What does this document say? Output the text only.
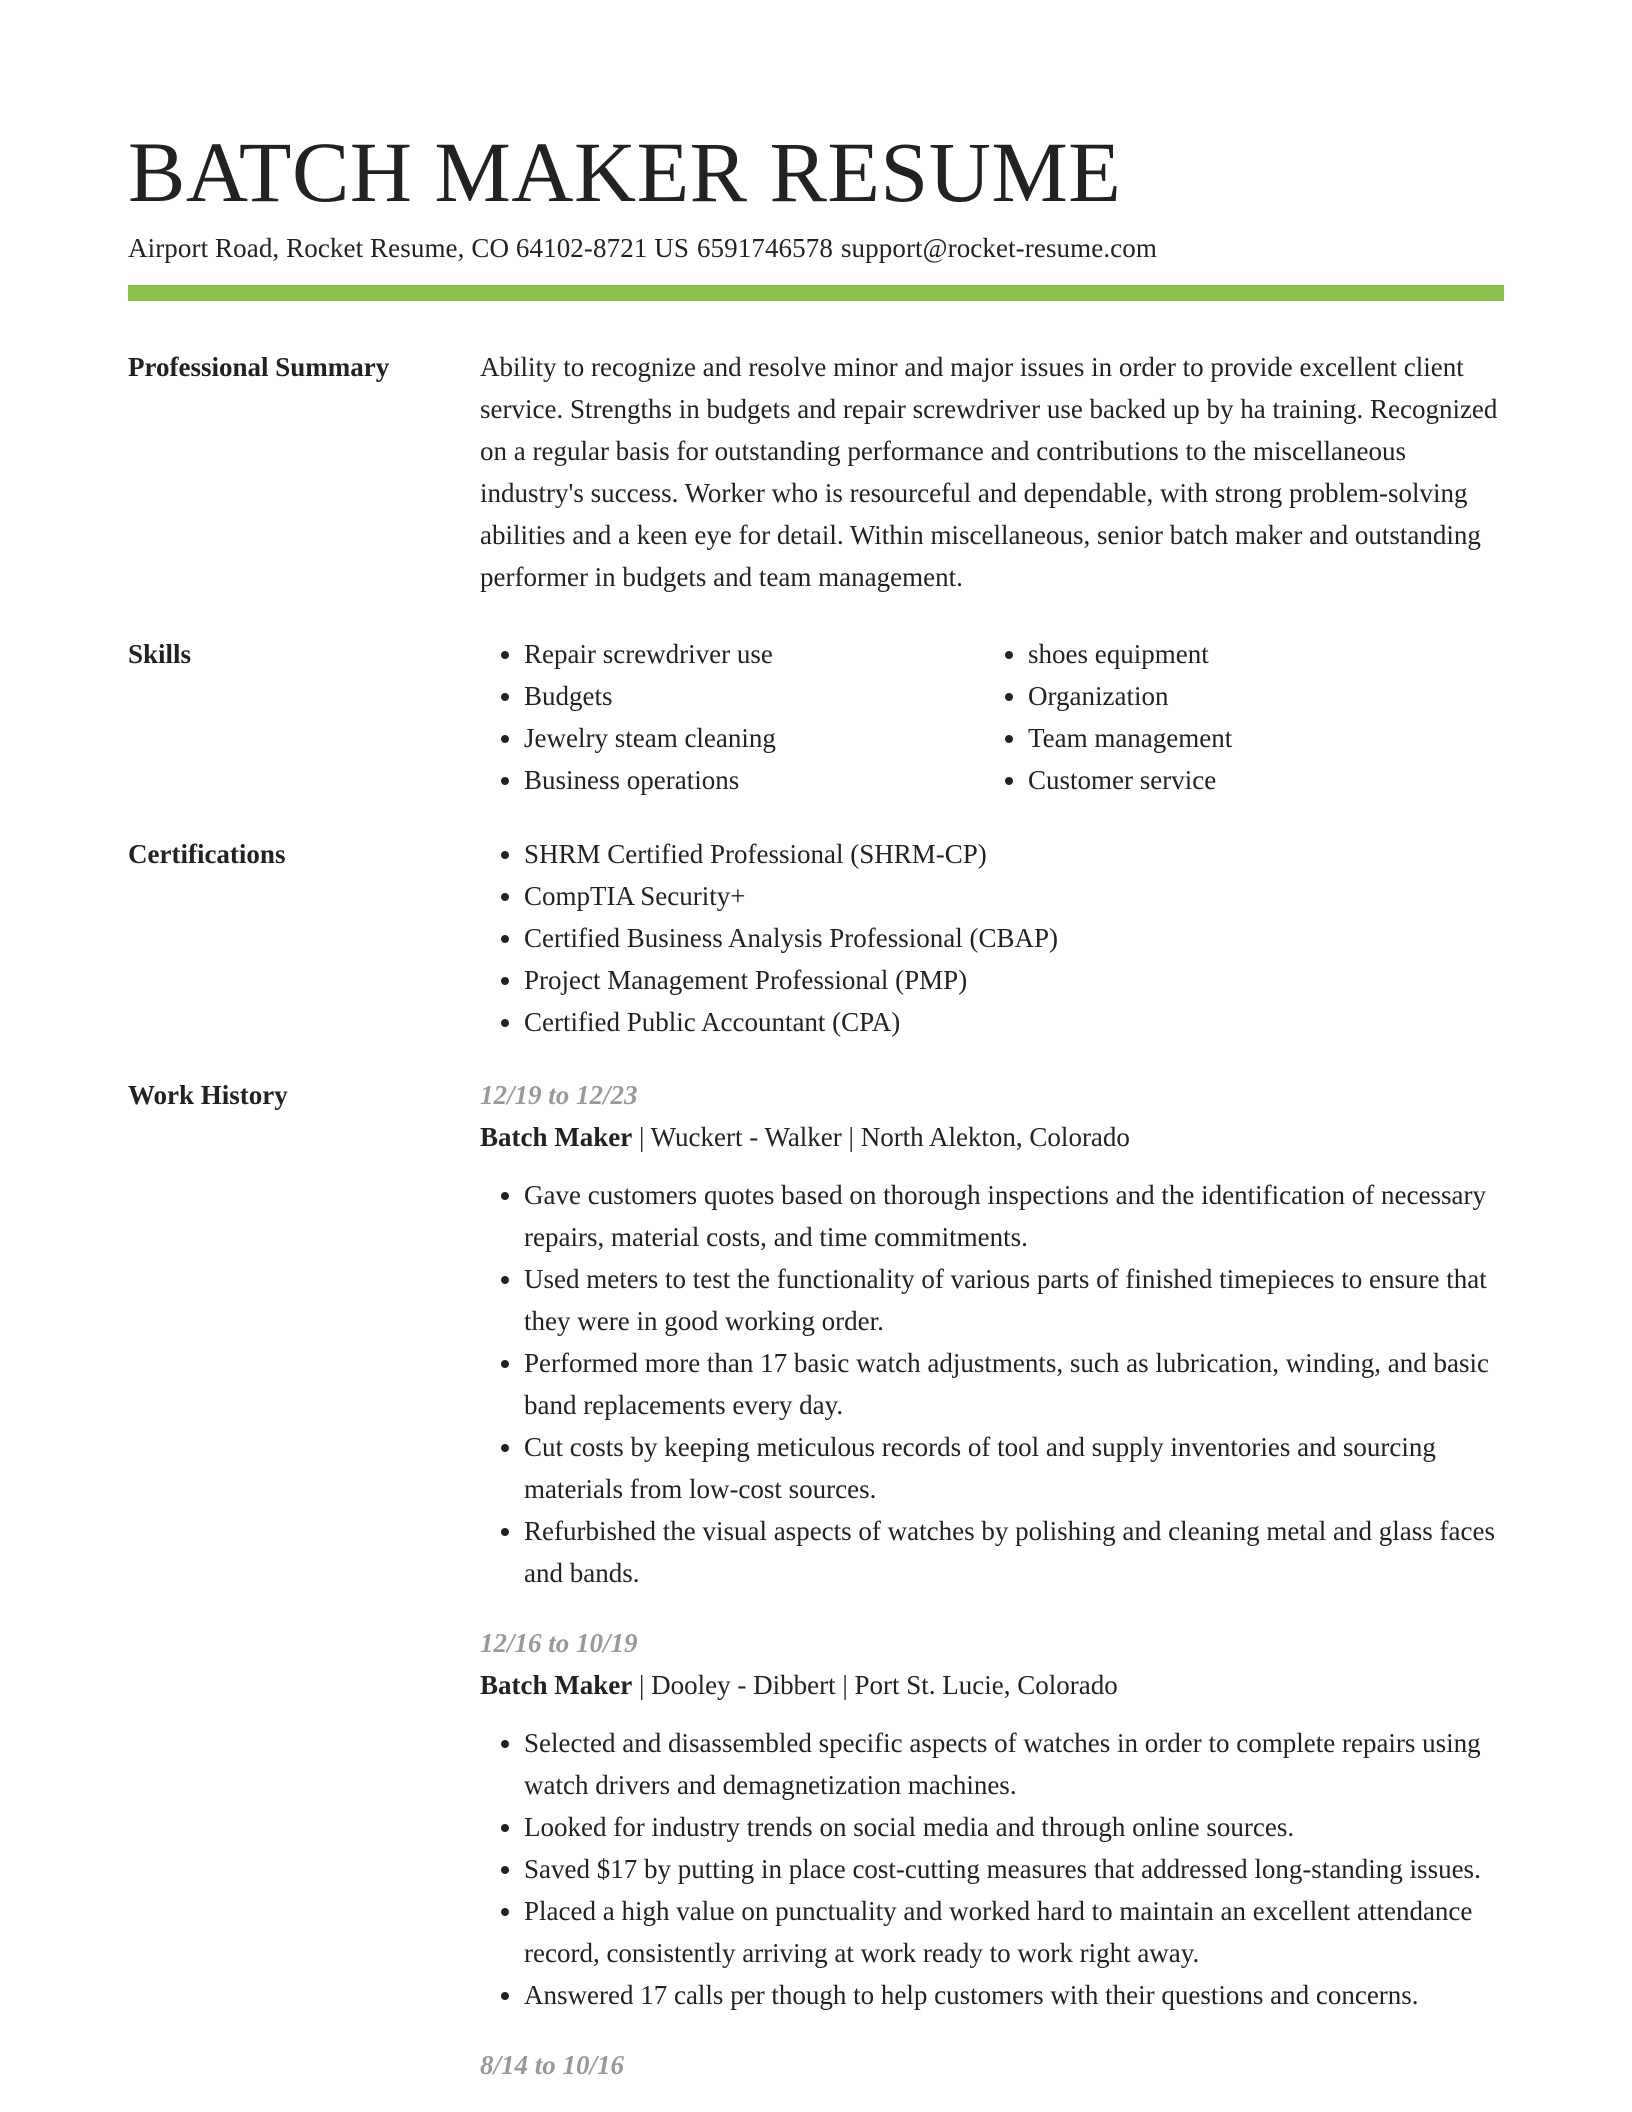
BATCH MAKER RESUME
Airport Road, Rocket Resume, CO 64102-8721 US 6591746578 support@rocket-resume.com
Professional Summary	Ability to recognize and resolve minor and major issues in order to provide excellent client service. Strengths in budgets and repair screwdriver use backed up by ha training. Recognized on a regular basis for outstanding performance and contributions to the miscellaneous industry's success. Worker who is resourceful and dependable, with strong problem-solving abilities and a keen eye for detail. Within miscellaneous, senior batch maker and outstanding performer in budgets and team management.

Skills	• Repair screwdriver use
• Budgets
• Jewelry steam cleaning
• Business operations
• shoes equipment
• Organization
• Team management
• Customer service
Certifications	• SHRM Certified Professional (SHRM-CP)
• CompTIA Security+
• Certified Business Analysis Professional (CBAP)
• Project Management Professional (PMP)
• Certified Public Accountant (CPA)
Work History	12/19 to 12/23
Batch Maker | Wuckert - Walker | North Alekton, Colorado
• Gave customers quotes based on thorough inspections and the identification of necessary repairs, material costs, and time commitments.
• Used meters to test the functionality of various parts of finished timepieces to ensure that they were in good working order.
• Performed more than 17 basic watch adjustments, such as lubrication, winding, and basic band replacements every day.
• Cut costs by keeping meticulous records of tool and supply inventories and sourcing materials from low-cost sources.
• Refurbished the visual aspects of watches by polishing and cleaning metal and glass faces and bands.
12/16 to 10/19
Batch Maker | Dooley - Dibbert | Port St. Lucie, Colorado
• Selected and disassembled specific aspects of watches in order to complete repairs using watch drivers and demagnetization machines.
• Looked for industry trends on social media and through online sources.
• Saved $17 by putting in place cost-cutting measures that addressed long-standing issues.
• Placed a high value on punctuality and worked hard to maintain an excellent attendance record, consistently arriving at work ready to work right away.
• Answered 17 calls per though to help customers with their questions and concerns.
8/14 to 10/16
